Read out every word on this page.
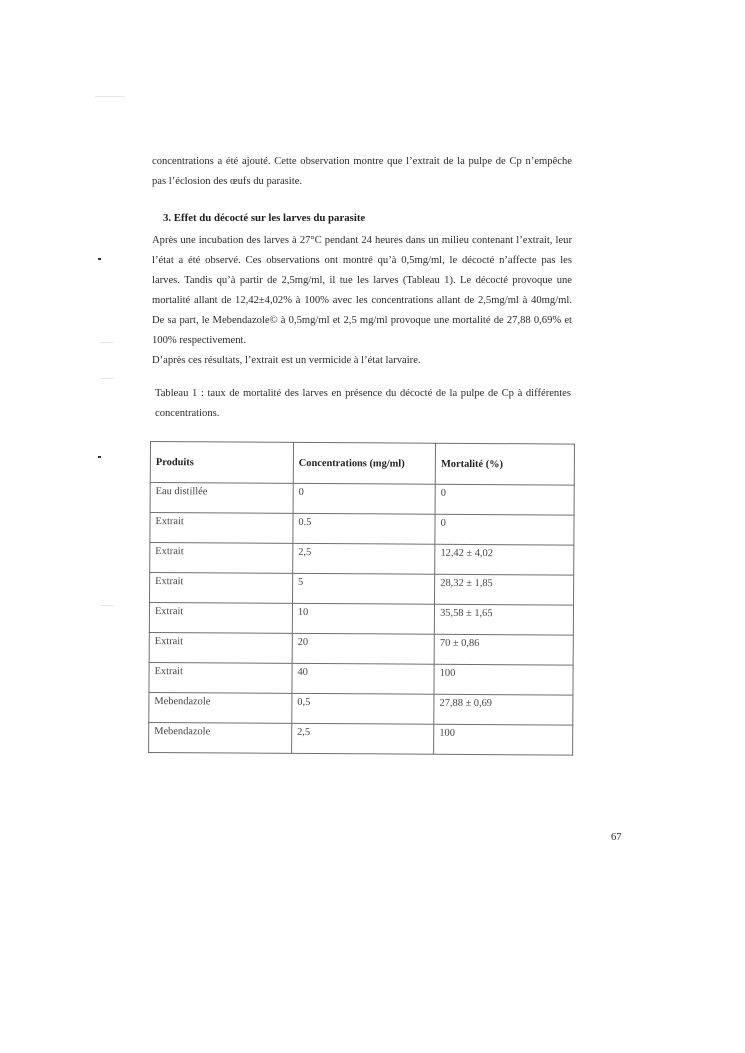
concentrations a été ajouté. Cette observation montre que l’extrait de la pulpe de Cp n’empêche pas l’éclosion des œufs du parasite.
3. Effet du décocté sur les larves du parasite
Après une incubation des larves à 27°C pendant 24 heures dans un milieu contenant l’extrait, leur l’état a été observé. Ces observations ont montré qu’à 0,5mg/ml, le décocté n’affecte pas les larves. Tandis qu’à partir de 2,5mg/ml, il tue les larves (Tableau 1). Le décocté provoque une mortalité allant de 12,42±4,02% à 100% avec les concentrations allant de 2,5mg/ml à 40mg/ml. De sa part, le Mebendazole© à 0,5mg/ml et 2,5 mg/ml provoque une mortalité de 27,88 0,69% et 100% respectivement.
D’après ces résultats, l’extrait est un vermicide à l’état larvaire.
Tableau 1 : taux de mortalité des larves en présence du décocté de la pulpe de Cp à différentes concentrations.
Produits	Concentrations (mg/ml)	Mortalité (%)
Eau distillée	0	0
Extrait	0.5	0
Extrait	2,5	12,42 ± 4,02
Extrait	5	28,32 ± 1,85
Extrait	10	35,58 ± 1,65
Extrait	20	70 ± 0,86
Extrait	40	100
Mebendazole	0,5	27,88 ± 0,69
Mebendazole	2,5	100
67
